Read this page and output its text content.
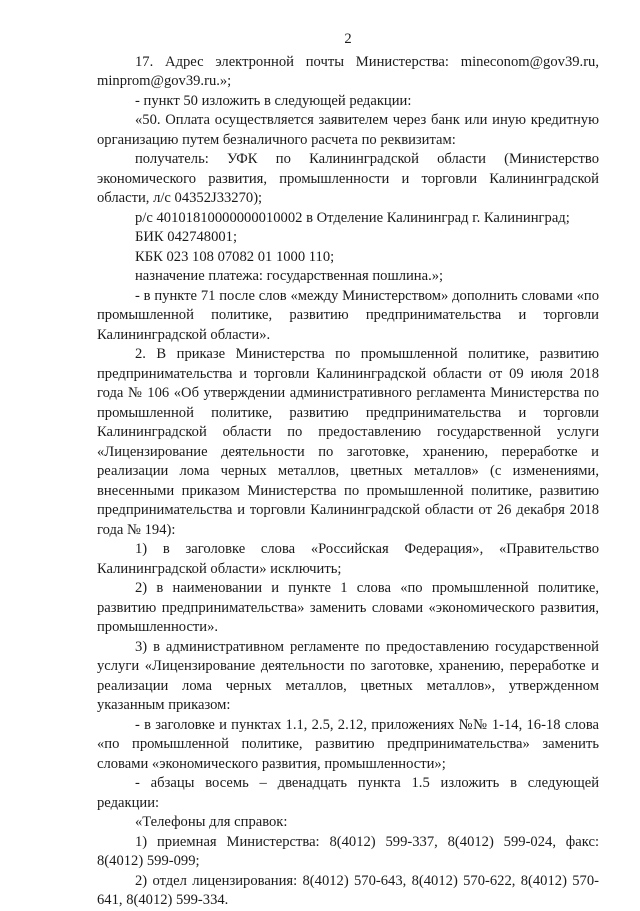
2

17. Адрес электронной почты Министерства: mineconom@gov39.ru, minprom@gov39.ru.»;

- пункт 50 изложить в следующей редакции:

«50. Оплата осуществляется заявителем через банк или иную кредитную организацию путем безналичного расчета по реквизитам:

получатель: УФК по Калининградской области (Министерство экономического развития, промышленности и торговли Калининградской области, л/с 04352J33270);

р/с 40101810000000010002 в Отделение Калининград г. Калининград;

БИК 042748001;

КБК 023 108 07082 01 1000 110;

назначение платежа: государственная пошлина.»;

- в пункте 71 после слов «между Министерством» дополнить словами «по промышленной политике, развитию предпринимательства и торговли Калининградской области».

2. В приказе Министерства по промышленной политике, развитию предпринимательства и торговли Калининградской области от 09 июля 2018 года № 106 «Об утверждении административного регламента Министерства по промышленной политике, развитию предпринимательства и торговли Калининградской области по предоставлению государственной услуги «Лицензирование деятельности по заготовке, хранению, переработке и реализации лома черных металлов, цветных металлов» (с изменениями, внесенными приказом Министерства по промышленной политике, развитию предпринимательства и торговли Калининградской области от 26 декабря 2018 года № 194):

1) в заголовке слова «Российская Федерация», «Правительство Калининградской области» исключить;

2) в наименовании и пункте 1 слова «по промышленной политике, развитию предпринимательства» заменить словами «экономического развития, промышленности».

3) в административном регламенте по предоставлению государственной услуги «Лицензирование деятельности по заготовке, хранению, переработке и реализации лома черных металлов, цветных металлов», утвержденном указанным приказом:

- в заголовке и пунктах 1.1, 2.5, 2.12, приложениях №№ 1-14, 16-18 слова «по промышленной политике, развитию предпринимательства» заменить словами «экономического развития, промышленности»;

- абзацы восемь – двенадцать пункта 1.5 изложить в следующей редакции:

«Телефоны для справок:

1) приемная Министерства: 8(4012) 599-337, 8(4012) 599-024, факс: 8(4012) 599-099;

2) отдел лицензирования: 8(4012) 570-643, 8(4012) 570-622, 8(4012) 570-641, 8(4012) 599-334.
